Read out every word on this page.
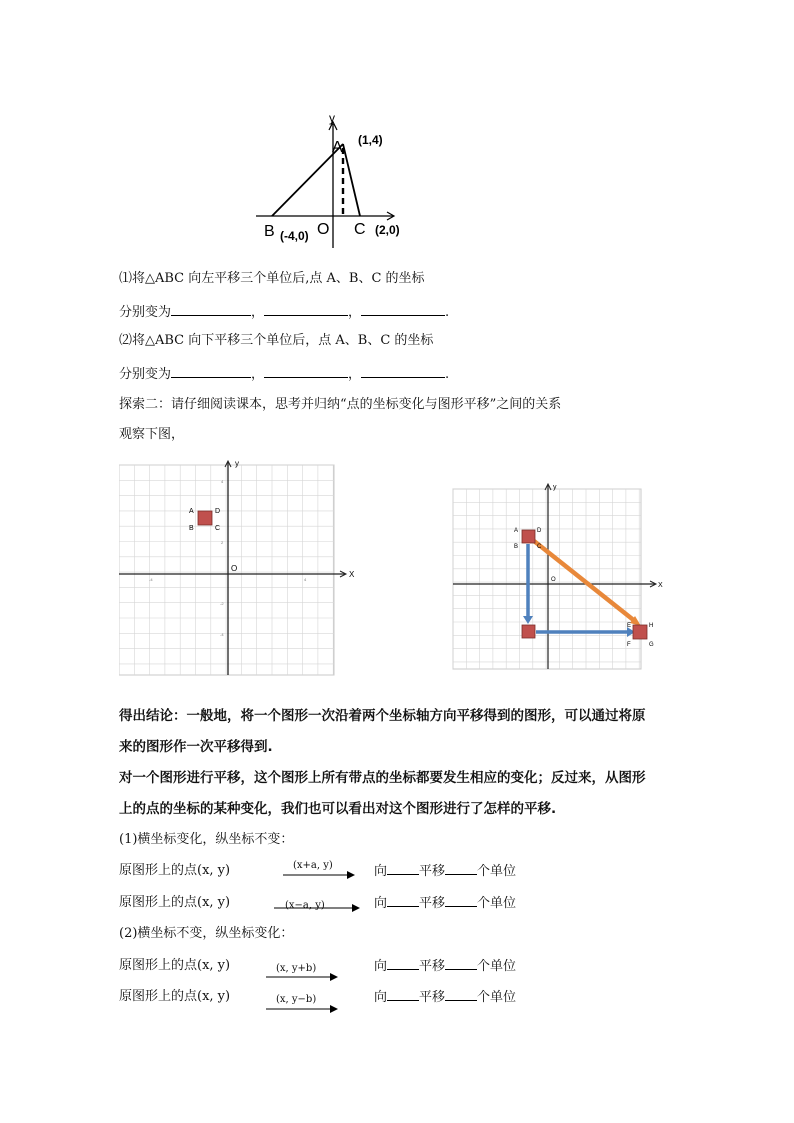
y
A (1,4)
B (-4,0) O C (2,0)
⑴将△ABC 向左平移三个单位后,点 A、B、C 的坐标
分别变为	，	，	.
⑵将△ABC 向下平移三个单位后，点 A、B、C 的坐标
分别变为	，	，	.
探索二：请仔细阅读课本，思考并归纳“点的坐标变化与图形平移”之间的关系
观察下图，
y
X
O
4
2
-2
-4
-4	4
A	D
B	C
y
X
O
A	D
B	C
E	H
F	G
得出结论：一般地，将一个图形一次沿着两个坐标轴方向平移得到的图形，可以通过将原
来的图形作一次平移得到.
对一个图形进行平移，这个图形上所有带点的坐标都要发生相应的变化；反过来，从图形
上的点的坐标的某种变化，我们也可以看出对这个图形进行了怎样的平移.
(1)横坐标变化，纵坐标不变：
原图形上的点(x, y)	(x+a, y)	向 平移 个单位
原图形上的点(x, y)	(x−a, y)	向 平移 个单位
(2)横坐标不变，纵坐标变化：
原图形上的点(x, y)	(x, y+b)	向 平移 个单位
原图形上的点(x, y)	(x, y−b)	向 平移 个单位
